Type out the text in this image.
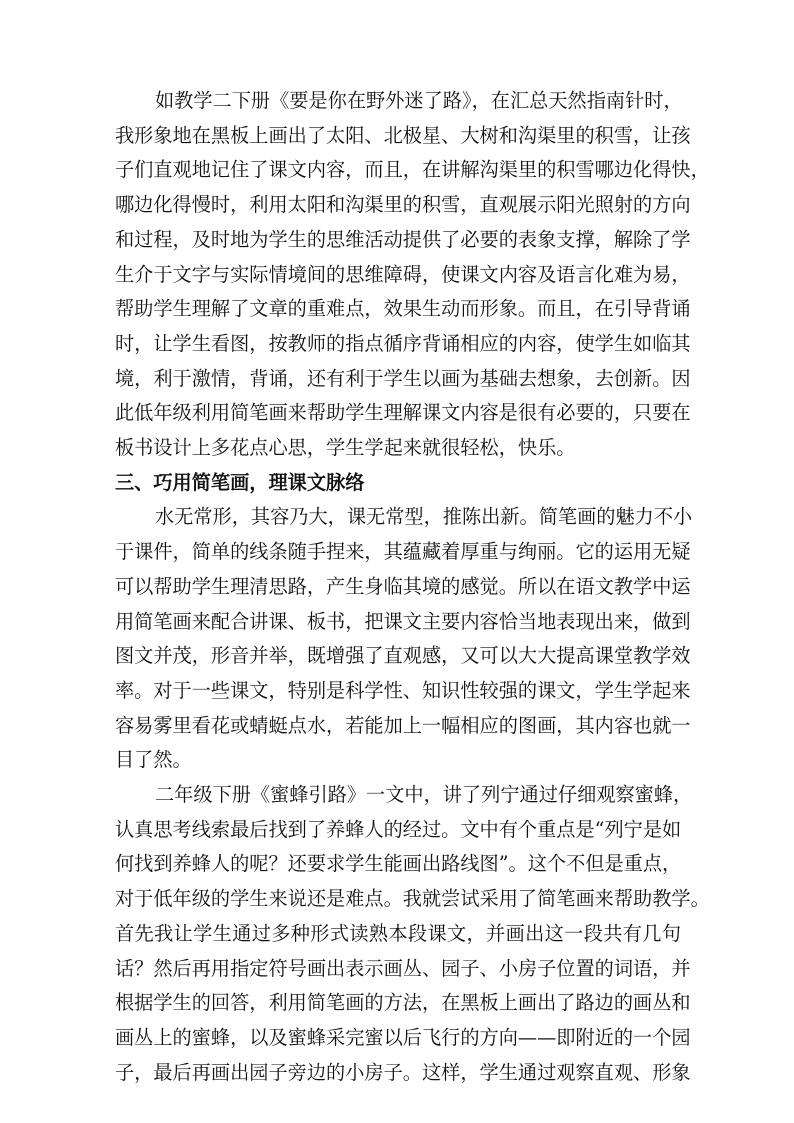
如教学二下册《要是你在野外迷了路》，在汇总天然指南针时，

我形象地在黑板上画出了太阳、北极星、大树和沟渠里的积雪，让孩

子们直观地记住了课文内容，而且，在讲解沟渠里的积雪哪边化得快，

哪边化得慢时，利用太阳和沟渠里的积雪，直观展示阳光照射的方向

和过程，及时地为学生的思维活动提供了必要的表象支撑，解除了学

生介于文字与实际情境间的思维障碍，使课文内容及语言化难为易，

帮助学生理解了文章的重难点，效果生动而形象。而且，在引导背诵

时，让学生看图，按教师的指点循序背诵相应的内容，使学生如临其

境，利于激情，背诵，还有利于学生以画为基础去想象，去创新。因

此低年级利用简笔画来帮助学生理解课文内容是很有必要的，只要在

板书设计上多花点心思，学生学起来就很轻松，快乐。

三、巧用简笔画，理课文脉络

水无常形，其容乃大，课无常型，推陈出新。简笔画的魅力不小

于课件，简单的线条随手捏来，其蕴藏着厚重与绚丽。它的运用无疑

可以帮助学生理清思路，产生身临其境的感觉。所以在语文教学中运

用简笔画来配合讲课、板书，把课文主要内容恰当地表现出来，做到

图文并茂，形音并举，既增强了直观感，又可以大大提高课堂教学效

率。对于一些课文，特别是科学性、知识性较强的课文，学生学起来

容易雾里看花或蜻蜓点水，若能加上一幅相应的图画，其内容也就一

目了然。

二年级下册《蜜蜂引路》一文中，讲了列宁通过仔细观察蜜蜂，

认真思考线索最后找到了养蜂人的经过。文中有个重点是“列宁是如

何找到养蜂人的呢？还要求学生能画出路线图”。这个不但是重点，

对于低年级的学生来说还是难点。我就尝试采用了简笔画来帮助教学。

首先我让学生通过多种形式读熟本段课文，并画出这一段共有几句

话？然后再用指定符号画出表示画丛、园子、小房子位置的词语，并

根据学生的回答，利用简笔画的方法，在黑板上画出了路边的画丛和

画丛上的蜜蜂，以及蜜蜂采完蜜以后飞行的方向——即附近的一个园

子，最后再画出园子旁边的小房子。这样，学生通过观察直观、形象
